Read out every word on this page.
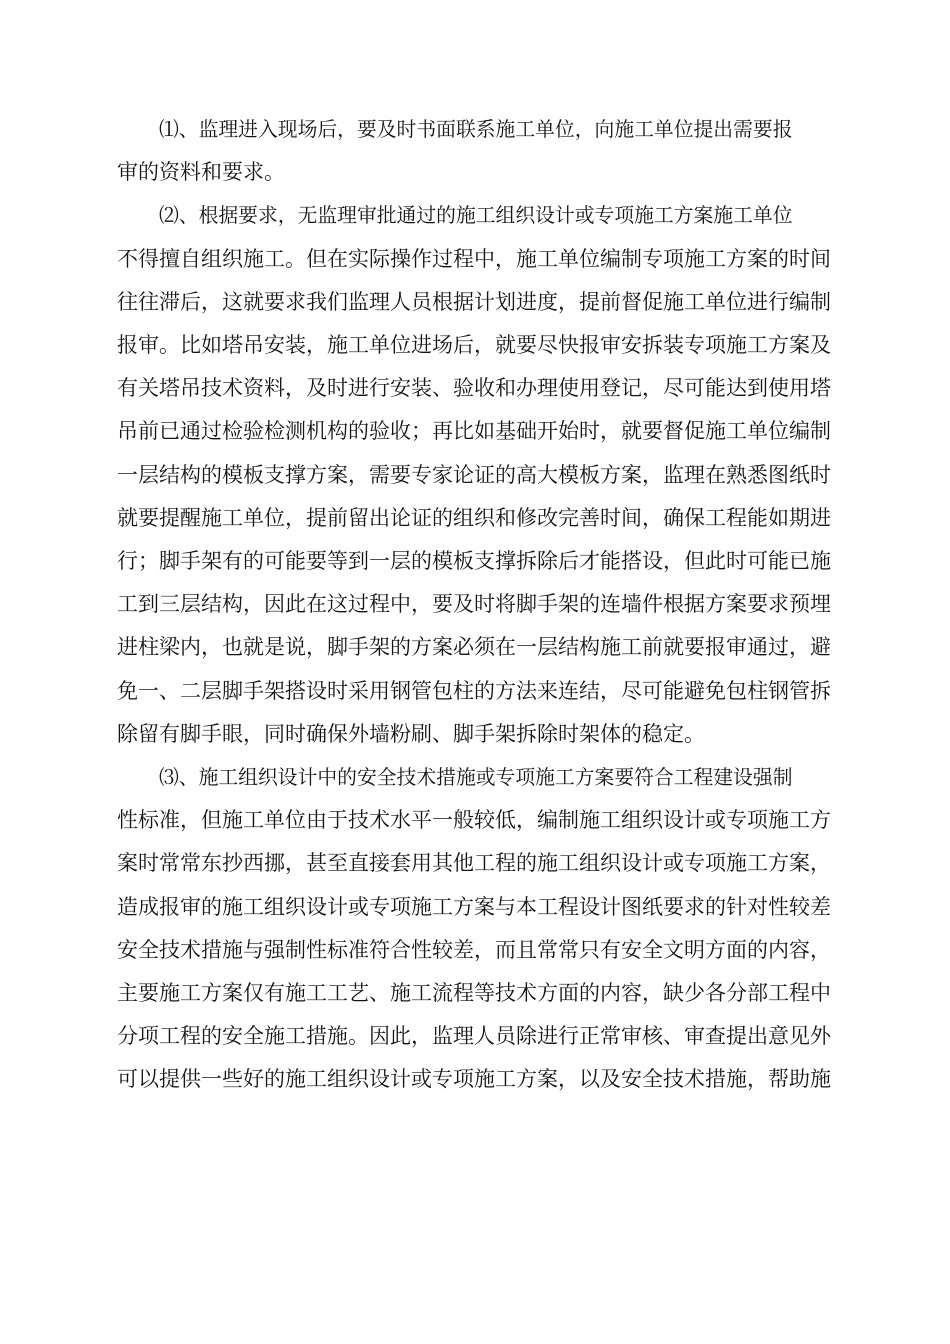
⑴、监理进入现场后，要及时书面联系施工单位，向施工单位提出需要报
审的资料和要求。

⑵、根据要求，无监理审批通过的施工组织设计或专项施工方案施工单位
不得擅自组织施工。但在实际操作过程中，施工单位编制专项施工方案的时间
往往滞后，这就要求我们监理人员根据计划进度，提前督促施工单位进行编制
报审。比如塔吊安装，施工单位进场后，就要尽快报审安拆装专项施工方案及
有关塔吊技术资料，及时进行安装、验收和办理使用登记，尽可能达到使用塔
吊前已通过检验检测机构的验收；再比如基础开始时，就要督促施工单位编制
一层结构的模板支撑方案，需要专家论证的高大模板方案，监理在熟悉图纸时
就要提醒施工单位，提前留出论证的组织和修改完善时间，确保工程能如期进
行；脚手架有的可能要等到一层的模板支撑拆除后才能搭设，但此时可能已施
工到三层结构，因此在这过程中，要及时将脚手架的连墙件根据方案要求预埋
进柱梁内，也就是说，脚手架的方案必须在一层结构施工前就要报审通过，避
免一、二层脚手架搭设时采用钢管包柱的方法来连结，尽可能避免包柱钢管拆
除留有脚手眼，同时确保外墙粉刷、脚手架拆除时架体的稳定。

⑶、施工组织设计中的安全技术措施或专项施工方案要符合工程建设强制
性标准，但施工单位由于技术水平一般较低，编制施工组织设计或专项施工方
案时常常东抄西挪，甚至直接套用其他工程的施工组织设计或专项施工方案，
造成报审的施工组织设计或专项施工方案与本工程设计图纸要求的针对性较差
安全技术措施与强制性标准符合性较差，而且常常只有安全文明方面的内容，
主要施工方案仅有施工工艺、施工流程等技术方面的内容，缺少各分部工程中
分项工程的安全施工措施。因此，监理人员除进行正常审核、审查提出意见外
可以提供一些好的施工组织设计或专项施工方案，以及安全技术措施，帮助施
